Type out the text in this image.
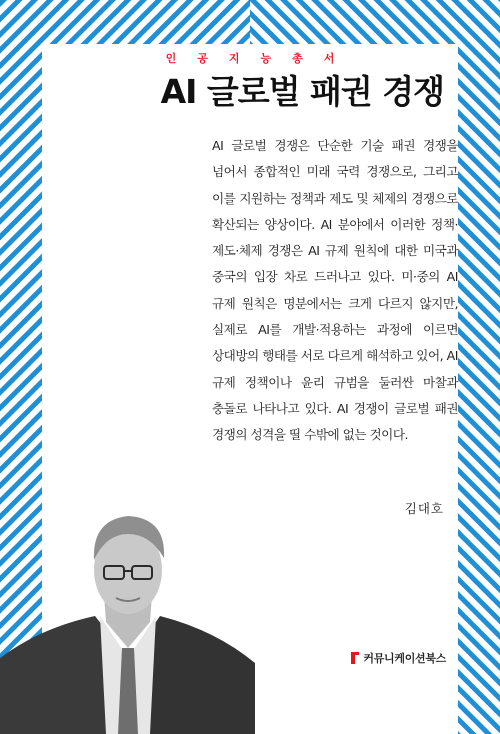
인공지능총서

AI 글로벌 패권 경쟁

AI 글로벌 경쟁은 단순한 기술 패권 경쟁을 넘어서 종합적인 미래 국력 경쟁으로, 그리고 이를 지원하는 정책과 제도 및 체제의 경쟁으로 확산되는 양상이다. AI 분야에서 이러한 정책·제도·체제 경쟁은 AI 규제 원칙에 대한 미국과 중국의 입장 차로 드러나고 있다. 미·중의 AI 규제 원칙은 명분에서는 크게 다르지 않지만, 실제로 AI를 개발·적용하는 과정에 이르면 상대방의 행태를 서로 다르게 해석하고 있어, AI 규제 정책이나 윤리 규범을 둘러싼 마찰과 충돌로 나타나고 있다. AI 경쟁이 글로벌 패권 경쟁의 성격을 띨 수밖에 없는 것이다.

김대호

커뮤니케이션북스
